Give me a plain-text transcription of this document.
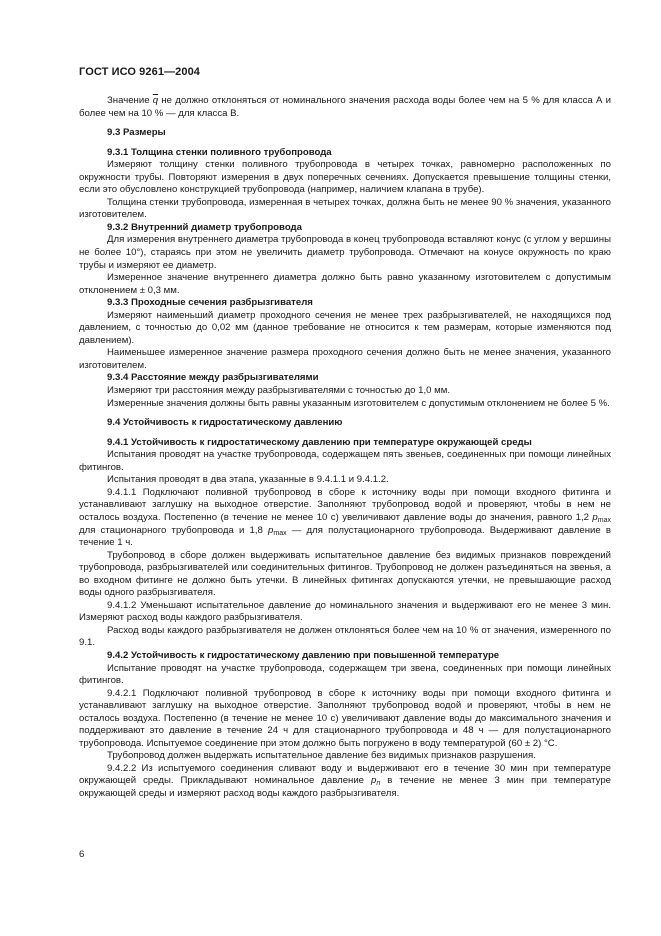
ГОСТ ИСО 9261—2004

Значение $\overline{q}$ не должно отклоняться от номинального значения расхода воды более чем на 5 % для класса А и более чем на 10 % — для класса В.

9.3 Размеры

9.3.1 Толщина стенки поливного трубопровода

Измеряют толщину стенки поливного трубопровода в четырех точках, равномерно расположенных по окружности трубы. Повторяют измерения в двух поперечных сечениях. Допускается превышение толщины стенки, если это обусловлено конструкцией трубопровода (например, наличием клапана в трубе).

Толщина стенки трубопровода, измеренная в четырех точках, должна быть не менее 90 % значения, указанного изготовителем.

9.3.2 Внутренний диаметр трубопровода

Для измерения внутреннего диаметра трубопровода в конец трубопровода вставляют конус (с углом у вершины не более 10°), стараясь при этом не увеличить диаметр трубопровода. Отмечают на конусе окружность по краю трубы и измеряют ее диаметр.

Измеренное значение внутреннего диаметра должно быть равно указанному изготовителем с допустимым отклонением ± 0,3 мм.

9.3.3 Проходные сечения разбрызгивателя

Измеряют наименьший диаметр проходного сечения не менее трех разбрызгивателей, не находящихся под давлением, с точностью до 0,02 мм (данное требование не относится к тем размерам, которые изменяются под давлением).

Наименьшее измеренное значение размера проходного сечения должно быть не менее значения, указанного изготовителем.

9.3.4 Расстояние между разбрызгивателями

Измеряют три расстояния между разбрызгивателями с точностью до 1,0 мм.

Измеренные значения должны быть равны указанным изготовителем с допустимым отклонением не более 5 %.

9.4 Устойчивость к гидростатическому давлению

9.4.1 Устойчивость к гидростатическому давлению при температуре окружающей среды

Испытания проводят на участке трубопровода, содержащем пять звеньев, соединенных при помощи линейных фитингов.

Испытания проводят в два этапа, указанные в 9.4.1.1 и 9.4.1.2.

9.4.1.1 Подключают поливной трубопровод в сборе к источнику воды при помощи входного фитинга и устанавливают заглушку на выходное отверстие. Заполняют трубопровод водой и проверяют, чтобы в нем не осталось воздуха. Постепенно (в течение не менее 10 с) увеличивают давление воды до значения, равного 1,2 $p_{max}$ для стационарного трубопровода и 1,8 $p_{max}$ — для полустационарного трубопровода. Выдерживают давление в течение 1 ч.

Трубопровод в сборе должен выдерживать испытательное давление без видимых признаков повреждений трубопровода, разбрызгивателей или соединительных фитингов. Трубопровод не должен разъединяться на звенья, а во входном фитинге не должно быть утечки. В линейных фитингах допускаются утечки, не превышающие расход воды одного разбрызгивателя.

9.4.1.2 Уменьшают испытательное давление до номинального значения и выдерживают его не менее 3 мин. Измеряют расход воды каждого разбрызгивателя.

Расход воды каждого разбрызгивателя не должен отклоняться более чем на 10 % от значения, измеренного по 9.1.

9.4.2 Устойчивость к гидростатическому давлению при повышенной температуре

Испытание проводят на участке трубопровода, содержащем три звена, соединенных при помощи линейных фитингов.

9.4.2.1 Подключают поливной трубопровод в сборе к источнику воды при помощи входного фитинга и устанавливают заглушку на выходное отверстие. Заполняют трубопровод водой и проверяют, чтобы в нем не осталось воздуха. Постепенно (в течение не менее 10 с) увеличивают давление воды до максимального значения и поддерживают это давление в течение 24 ч для стационарного трубопровода и 48 ч — для полустационарного трубопровода. Испытуемое соединение при этом должно быть погружено в воду температурой (60 ± 2) °С.

Трубопровод должен выдержать испытательное давление без видимых признаков разрушения.

9.4.2.2 Из испытуемого соединения сливают воду и выдерживают его в течение 30 мин при температуре окружающей среды. Прикладывают номинальное давление $p_n$ в течение не менее 3 мин при температуре окружающей среды и измеряют расход воды каждого разбрызгивателя.

6
